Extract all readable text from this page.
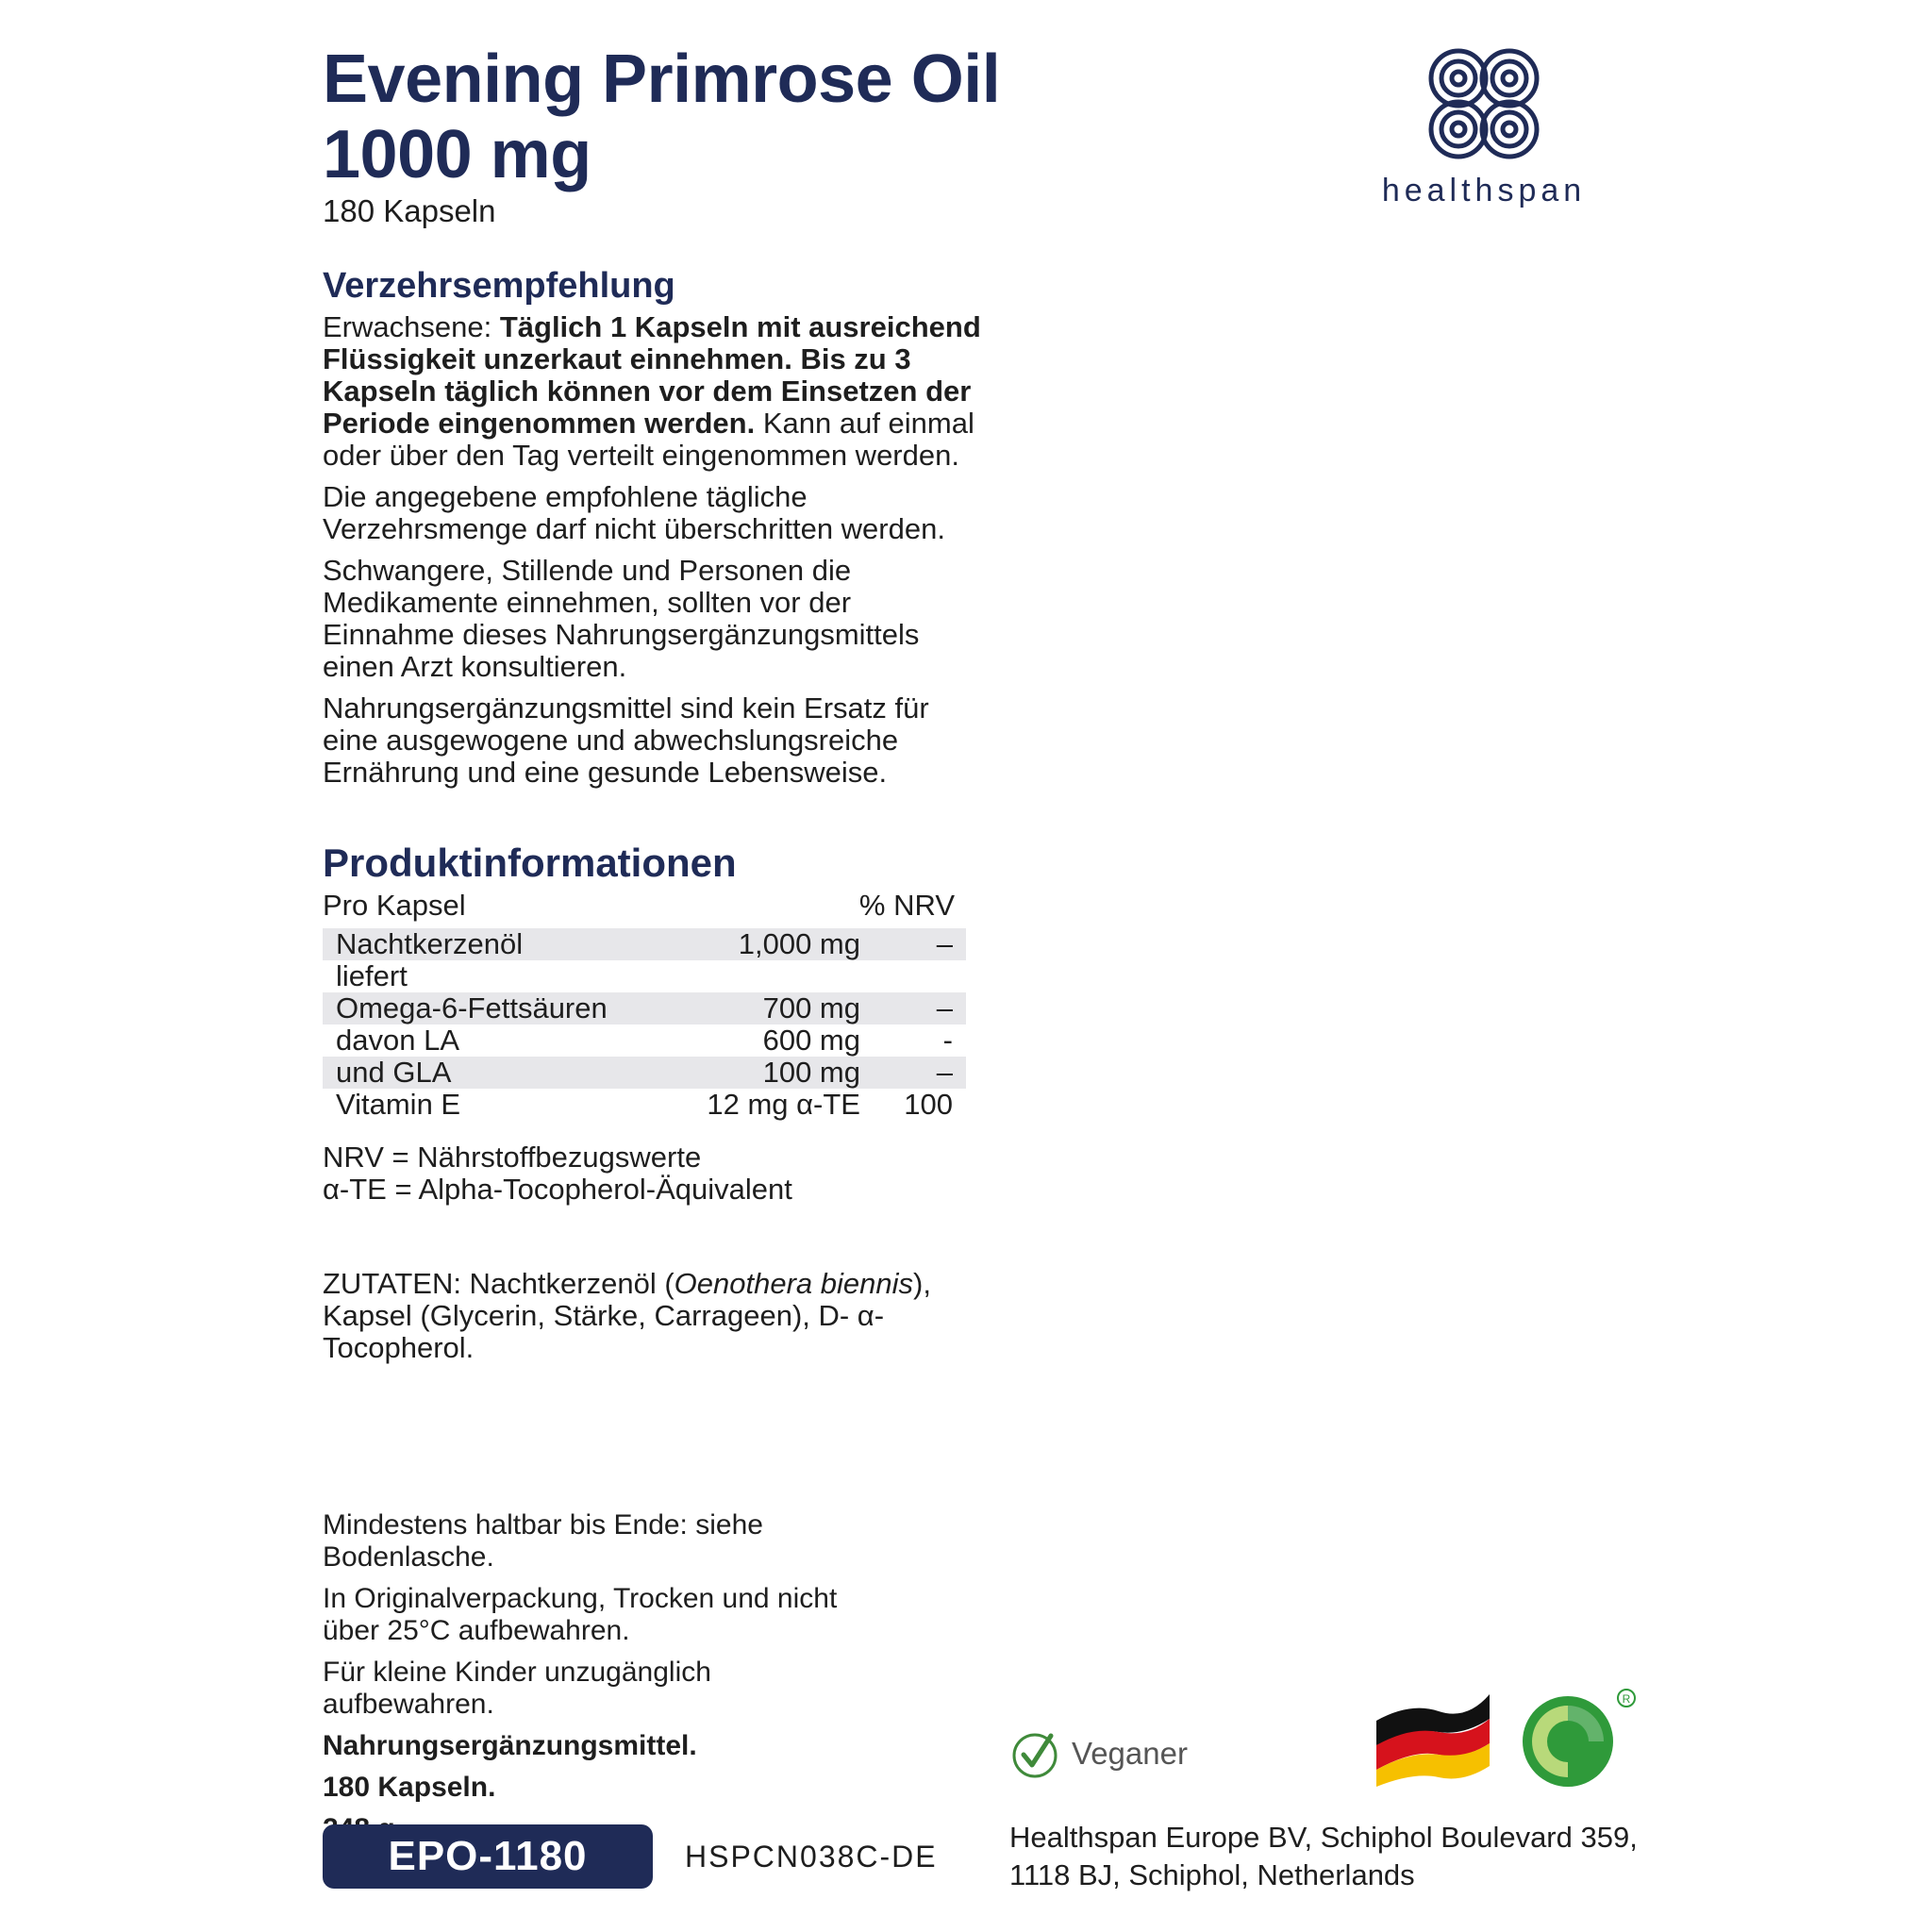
Evening Primrose Oil
1000 mg
180 Kapseln
healthspan
Verzehrsempfehlung

Erwachsene: Täglich 1 Kapseln mit ausreichend Flüssigkeit unzerkaut einnehmen. Bis zu 3 Kapseln täglich können vor dem Einsetzen der Periode eingenommen werden. Kann auf einmal oder über den Tag verteilt eingenommen werden.

Die angegebene empfohlene tägliche Verzehrsmenge darf nicht überschritten werden.

Schwangere, Stillende und Personen die Medikamente einnehmen, sollten vor der Einnahme dieses Nahrungsergänzungsmittels einen Arzt konsultieren.

Nahrungsergänzungsmittel sind kein Ersatz für eine ausgewogene und abwechslungsreiche Ernährung und eine gesunde Lebensweise.

Produktinformationen
Pro Kapsel	% NRV
Nachtkerzenöl	1,000 mg	–
liefert		
Omega-6-Fettsäuren	700 mg	–
davon LA	600 mg	-
und GLA	100 mg	–
Vitamin E	12 mg α-TE	100
NRV = Nährstoffbezugswerte
α-TE = Alpha-Tocopherol-Äquivalent
ZUTATEN: Nachtkerzenöl (Oenothera biennis),
Kapsel (Glycerin, Stärke, Carrageen), D- α-Tocopherol.
Mindestens haltbar bis Ende: siehe Bodenlasche.
In Originalverpackung, Trocken und nicht über 25°C aufbewahren.
Für kleine Kinder unzugänglich aufbewahren.
Nahrungsergänzungsmittel.
180 Kapseln.
EPO-1180	HSPCN038C-DE
Veganer
R
Healthspan Europe BV, Schiphol Boulevard 359,
1118 BJ, Schiphol, Netherlands
